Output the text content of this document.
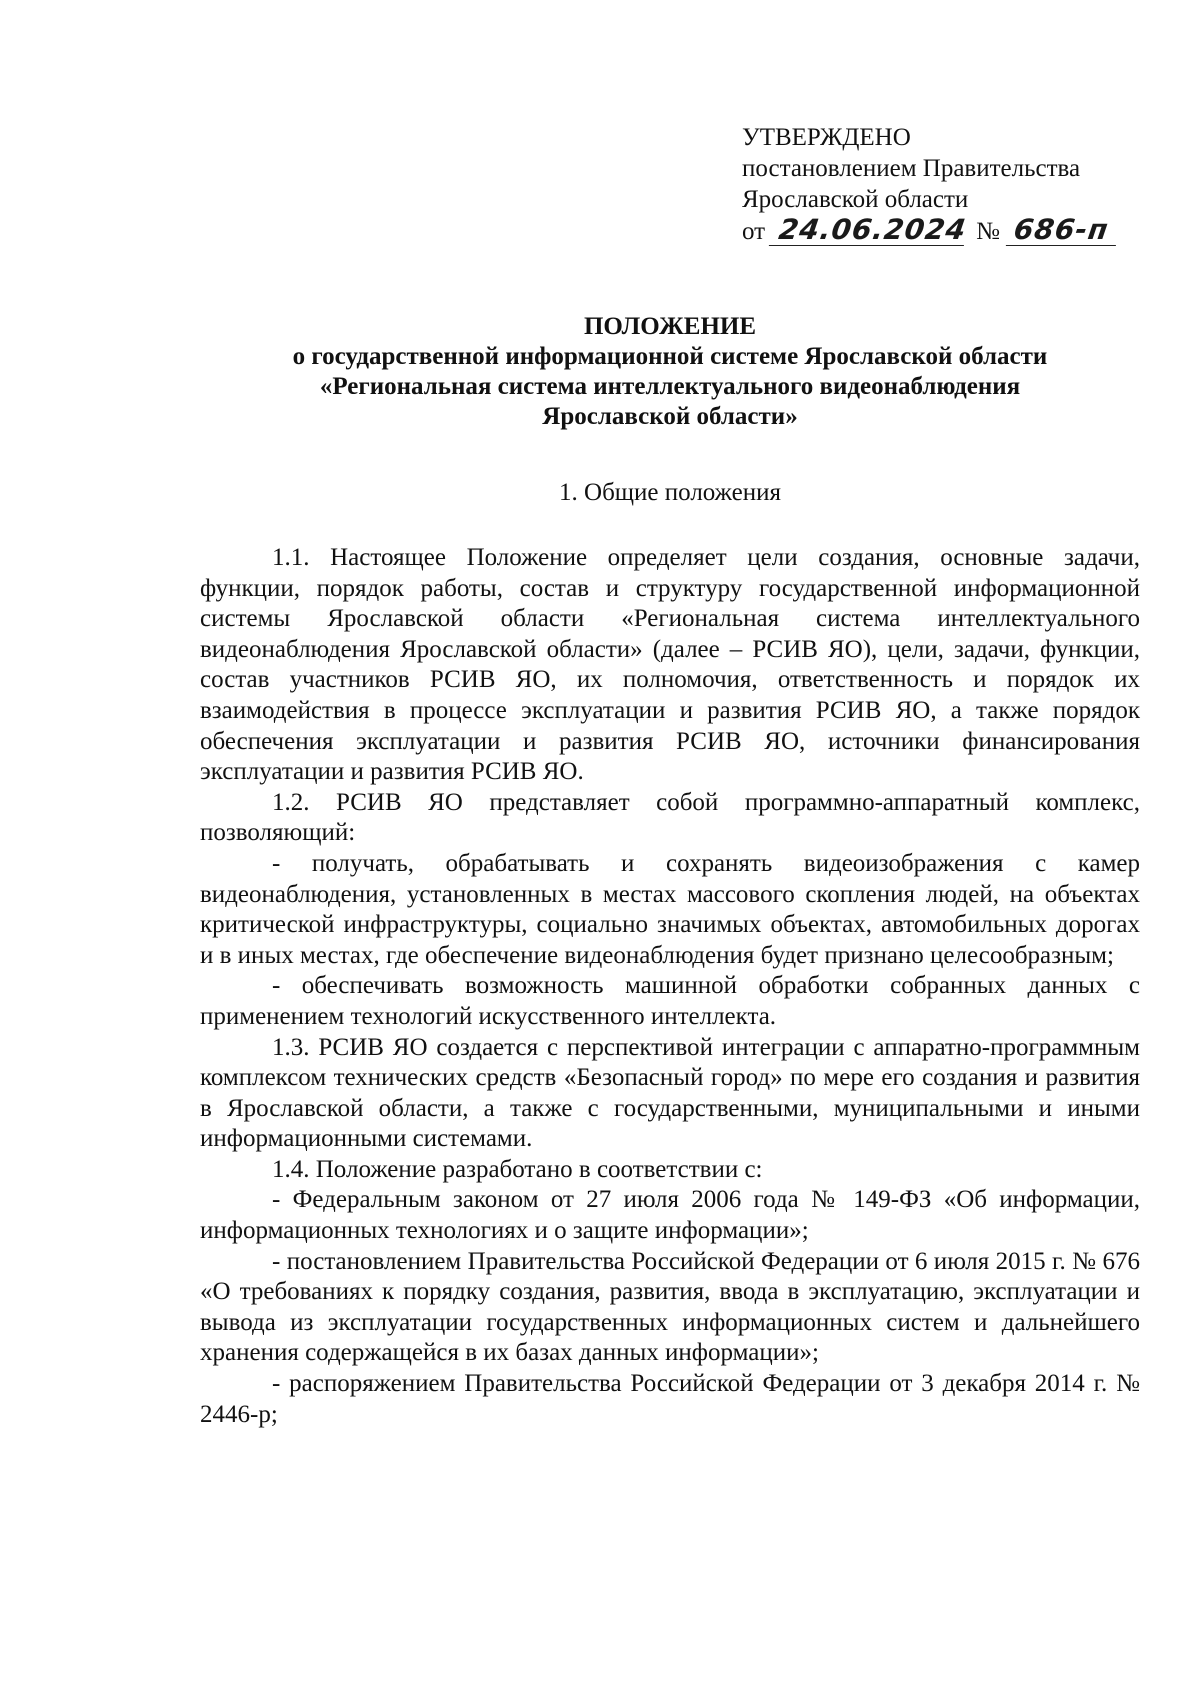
УТВЕРЖДЕНО
постановлением Правительства
Ярославской области
от 24.06.2024 № 686-п
ПОЛОЖЕНИЕ
о государственной информационной системе Ярославской области
«Региональная система интеллектуального видеонаблюдения
Ярославской области»
1. Общие положения

1.1. Настоящее Положение определяет цели создания, основные задачи, функции, порядок работы, состав и структуру государственной информационной системы Ярославской области «Региональная система интеллектуального видеонаблюдения Ярославской области» (далее – РСИВ ЯО), цели, задачи, функции, состав участников РСИВ ЯО, их полномочия, ответственность и порядок их взаимодействия в процессе эксплуатации и развития РСИВ ЯО, а также порядок обеспечения эксплуатации и развития РСИВ ЯО, источники финансирования эксплуатации и развития РСИВ ЯО.

1.2. РСИВ ЯО представляет собой программно-аппаратный комплекс, позволяющий:

- получать, обрабатывать и сохранять видеоизображения с камер видеонаблюдения, установленных в местах массового скопления людей, на объектах критической инфраструктуры, социально значимых объектах, автомобильных дорогах и в иных местах, где обеспечение видеонаблюдения будет признано целесообразным;

- обеспечивать возможность машинной обработки собранных данных с применением технологий искусственного интеллекта.

1.3. РСИВ ЯО создается с перспективой интеграции с аппаратно-программным комплексом технических средств «Безопасный город» по мере его создания и развития в Ярославской области, а также с государственными, муниципальными и иными информационными системами.

1.4. Положение разработано в соответствии с:

- Федеральным законом от 27 июля 2006 года № 149-ФЗ «Об информации, информационных технологиях и о защите информации»;

- постановлением Правительства Российской Федерации от 6 июля 2015 г. № 676 «О требованиях к порядку создания, развития, ввода в эксплуатацию, эксплуатации и вывода из эксплуатации государственных информационных систем и дальнейшего хранения содержащейся в их базах данных информации»;

- распоряжением Правительства Российской Федерации от 3 декабря 2014 г. № 2446-р;
